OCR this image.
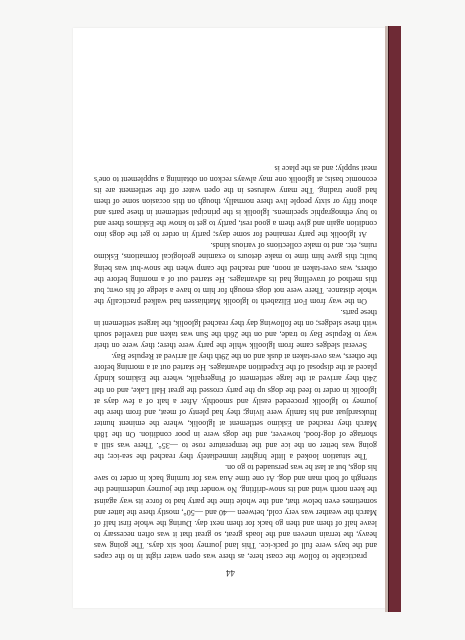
practicable to follow the coast here, as there was open water right in to the capes and the bays were full of pack-ice. This land journey took six days. The going was heavy, the terrain uneven and the loads great, so great that it was often necessary to leave half of them and then go back for them next day. During the whole first half of March the weather was very cold, between —40 and —50°, mostly there the latter and sometimes even below that, and the whole time the party had to force its way against the keen north wind and its snow-drifting. No wonder that the journey undermined the strength of both man and dog. At one time Aua was for turning back in order to save his dogs, but at last he was persuaded to go on.

The situation looked a little brighter immediately they reached the sea-ice; the going was better on the ice and the temperature rose to —35°. There was still a shortage of dog-food, however, and the dogs were in poor condition. On the 18th March they reached an Eskimo settlement at Igloolik, where the eminent hunter Ittuksardjuat and his family were living; they had plenty of meat, and from there the journey to Igloolik proceeded easily and smoothly. After a halt of a few days at Igloolik in order to feed the dogs up the party crossed the great Hall Lake, and on the 24th they arrived at the large settlement of Pingerqalik, where the Eskimos kindly placed at the disposal of the Expedition advantages. He started out at a morning before the others, was over-taken at dusk and on the 29th they all arrived at Repulse Bay.

Several sledges came from Igloolik while the party were there; they were on their way to Repulse Bay to trade, and on the 26th the Sun was taken and travelled south with these sledges; on the following day they reached Igloolik, the largest settlement in these parts.

On the way from Fort Elizabeth to Igloolik Mathiassen had walked practically the whole distance. There were not dogs enough for him to have a sledge of his own; but this method of travelling had its advantages. He started out of a morning before the others, was over-taken at noon, and reached the camp when the snow-hut was being built; this gave him time to make detours to examine geological formations, Eskimo ruins, etc. and to make collections of various kinds.

At Igloolik the party remained for some days; partly in order to get the dogs into condition again and give them a good rest, partly to get to know the Eskimos there and to buy ethnographic specimens. Igloolik is the principal settlement in these parts and about fifty or sixty people live there normally, though on this occasion some of them had gone trading. The many walruses in the open water off the settlement are its economic basis; at Igloolik one may always reckon on obtaining a supplement to one's meat supply; and as the place is

44
